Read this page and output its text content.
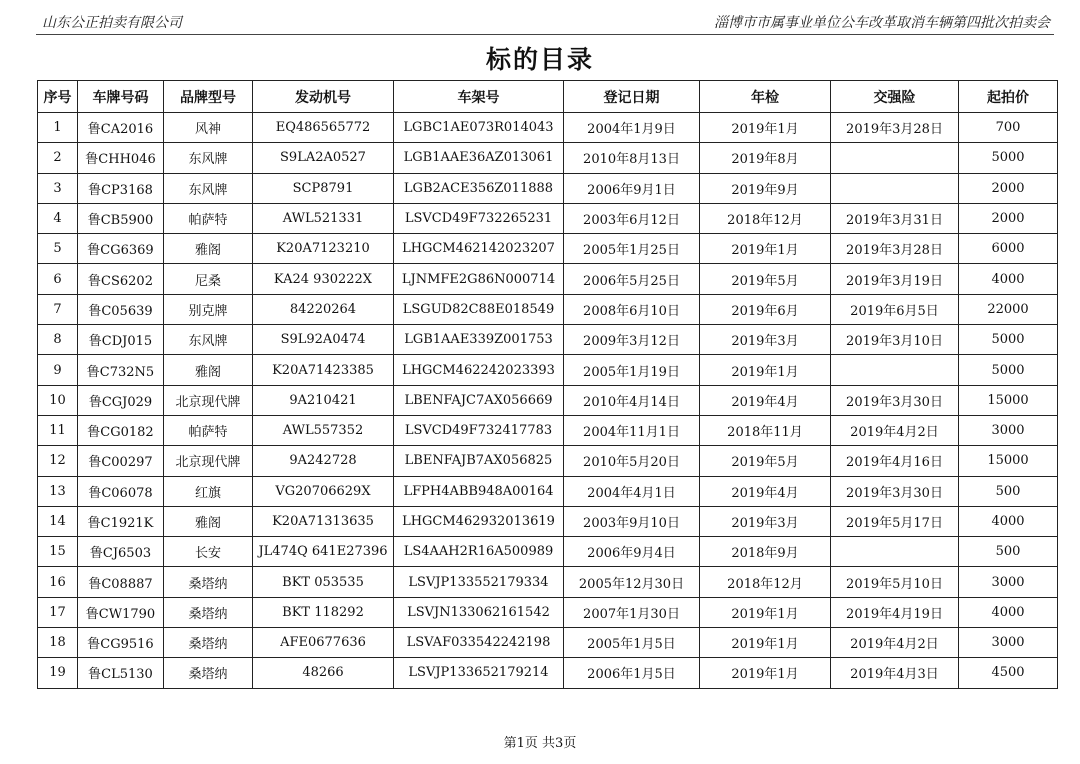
山东公正拍卖有限公司	淄博市市属事业单位公车改革取消车辆第四批次拍卖会
标的目录
序号	车牌号码	品牌型号	发动机号	车架号	登记日期	年检	交强险	起拍价
1	鲁CA2016	风神	EQ486565772	LGBC1AE073R014043	2004年1月9日	2019年1月	2019年3月28日	700
2	鲁CHH046	东风牌	S9LA2A0527	LGB1AAE36AZ013061	2010年8月13日	2019年8月		5000
3	鲁CP3168	东风牌	SCP8791	LGB2ACE356Z011888	2006年9月1日	2019年9月		2000
4	鲁CB5900	帕萨特	AWL521331	LSVCD49F732265231	2003年6月12日	2018年12月	2019年3月31日	2000
5	鲁CG6369	雅阁	K20A7123210	LHGCM462142023207	2005年1月25日	2019年1月	2019年3月28日	6000
6	鲁CS6202	尼桑	KA24 930222X	LJNMFE2G86N000714	2006年5月25日	2019年5月	2019年3月19日	4000
7	鲁C05639	别克牌	84220264	LSGUD82C88E018549	2008年6月10日	2019年6月	2019年6月5日	22000
8	鲁CDJ015	东风牌	S9L92A0474	LGB1AAE339Z001753	2009年3月12日	2019年3月	2019年3月10日	5000
9	鲁C732N5	雅阁	K20A71423385	LHGCM462242023393	2005年1月19日	2019年1月		5000
10	鲁CGJ029	北京现代牌	9A210421	LBENFAJC7AX056669	2010年4月14日	2019年4月	2019年3月30日	15000
11	鲁CG0182	帕萨特	AWL557352	LSVCD49F732417783	2004年11月1日	2018年11月	2019年4月2日	3000
12	鲁C00297	北京现代牌	9A242728	LBENFAJB7AX056825	2010年5月20日	2019年5月	2019年4月16日	15000
13	鲁C06078	红旗	VG20706629X	LFPH4ABB948A00164	2004年4月1日	2019年4月	2019年3月30日	500
14	鲁C1921K	雅阁	K20A71313635	LHGCM462932013619	2003年9月10日	2019年3月	2019年5月17日	4000
15	鲁CJ6503	长安	JL474Q 641E27396	LS4AAH2R16A500989	2006年9月4日	2018年9月		500
16	鲁C08887	桑塔纳	BKT 053535	LSVJP133552179334	2005年12月30日	2018年12月	2019年5月10日	3000
17	鲁CW1790	桑塔纳	BKT 118292	LSVJN133062161542	2007年1月30日	2019年1月	2019年4月19日	4000
18	鲁CG9516	桑塔纳	AFE0677636	LSVAF033542242198	2005年1月5日	2019年1月	2019年4月2日	3000
19	鲁CL5130	桑塔纳	48266	LSVJP133652179214	2006年1月5日	2019年1月	2019年4月3日	4500
第1页 共3页
